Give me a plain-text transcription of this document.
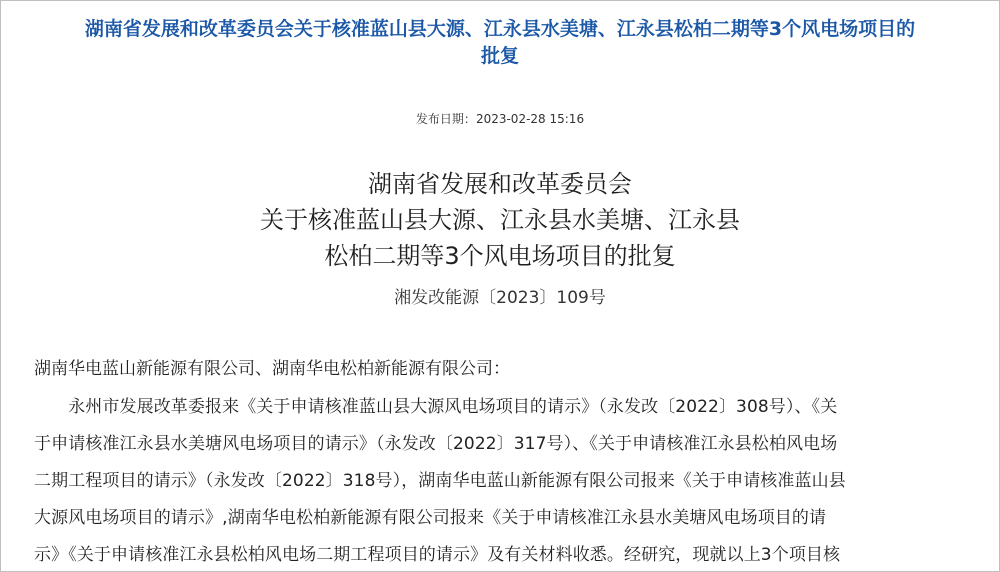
湖南省发展和改革委员会关于核准蓝山县大源、江永县水美塘、江永县松柏二期等3个风电场项目的
批复
发布日期：2023-02-28 15:16
湖南省发展和改革委员会
关于核准蓝山县大源、江永县水美塘、江永县
松柏二期等3个风电场项目的批复
湘发改能源〔2023〕109号
湖南华电蓝山新能源有限公司、湖南华电松柏新能源有限公司：
　　永州市发展改革委报来《关于申请核准蓝山县大源风电场项目的请示》（永发改〔2022〕308号）、《关
于申请核准江永县水美塘风电场项目的请示》（永发改〔2022〕317号）、《关于申请核准江永县松柏风电场
二期工程项目的请示》（永发改〔2022〕318号），湖南华电蓝山新能源有限公司报来《关于申请核准蓝山县
大源风电场项目的请示》,湖南华电松柏新能源有限公司报来《关于申请核准江永县水美塘风电场项目的请
示》《关于申请核准江永县松柏风电场二期工程项目的请示》及有关材料收悉。经研究，现就以上3个项目核
